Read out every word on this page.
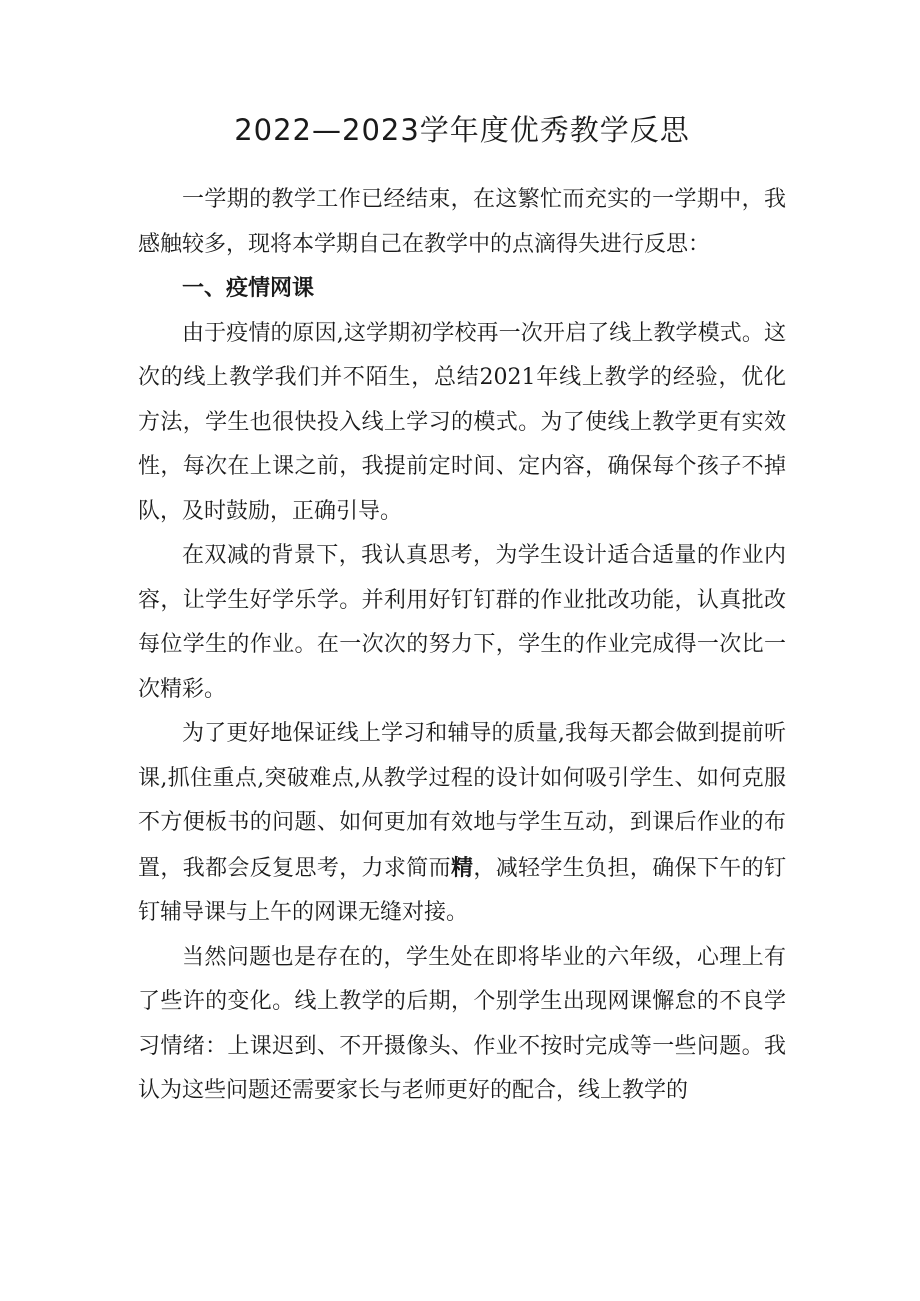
2022—2023学年度优秀教学反思

一学期的教学工作已经结束，在这繁忙而充实的一学期中，我感触较多，现将本学期自己在教学中的点滴得失进行反思：

一、疫情网课

由于疫情的原因,这学期初学校再一次开启了线上教学模式。这次的线上教学我们并不陌生，总结2021年线上教学的经验，优化方法，学生也很快投入线上学习的模式。为了使线上教学更有实效性，每次在上课之前，我提前定时间、定内容，确保每个孩子不掉队，及时鼓励，正确引导。

在双减的背景下，我认真思考，为学生设计适合适量的作业内容，让学生好学乐学。并利用好钉钉群的作业批改功能，认真批改每位学生的作业。在一次次的努力下，学生的作业完成得一次比一次精彩。

为了更好地保证线上学习和辅导的质量,我每天都会做到提前听课,抓住重点,突破难点,从教学过程的设计如何吸引学生、如何克服不方便板书的问题、如何更加有效地与学生互动，到课后作业的布置，我都会反复思考，力求简而精，减轻学生负担，确保下午的钉钉辅导课与上午的网课无缝对接。

当然问题也是存在的，学生处在即将毕业的六年级，心理上有了些许的变化。线上教学的后期，个别学生出现网课懈怠的不良学习情绪：上课迟到、不开摄像头、作业不按时完成等一些问题。我认为这些问题还需要家长与老师更好的配合，线上教学的
